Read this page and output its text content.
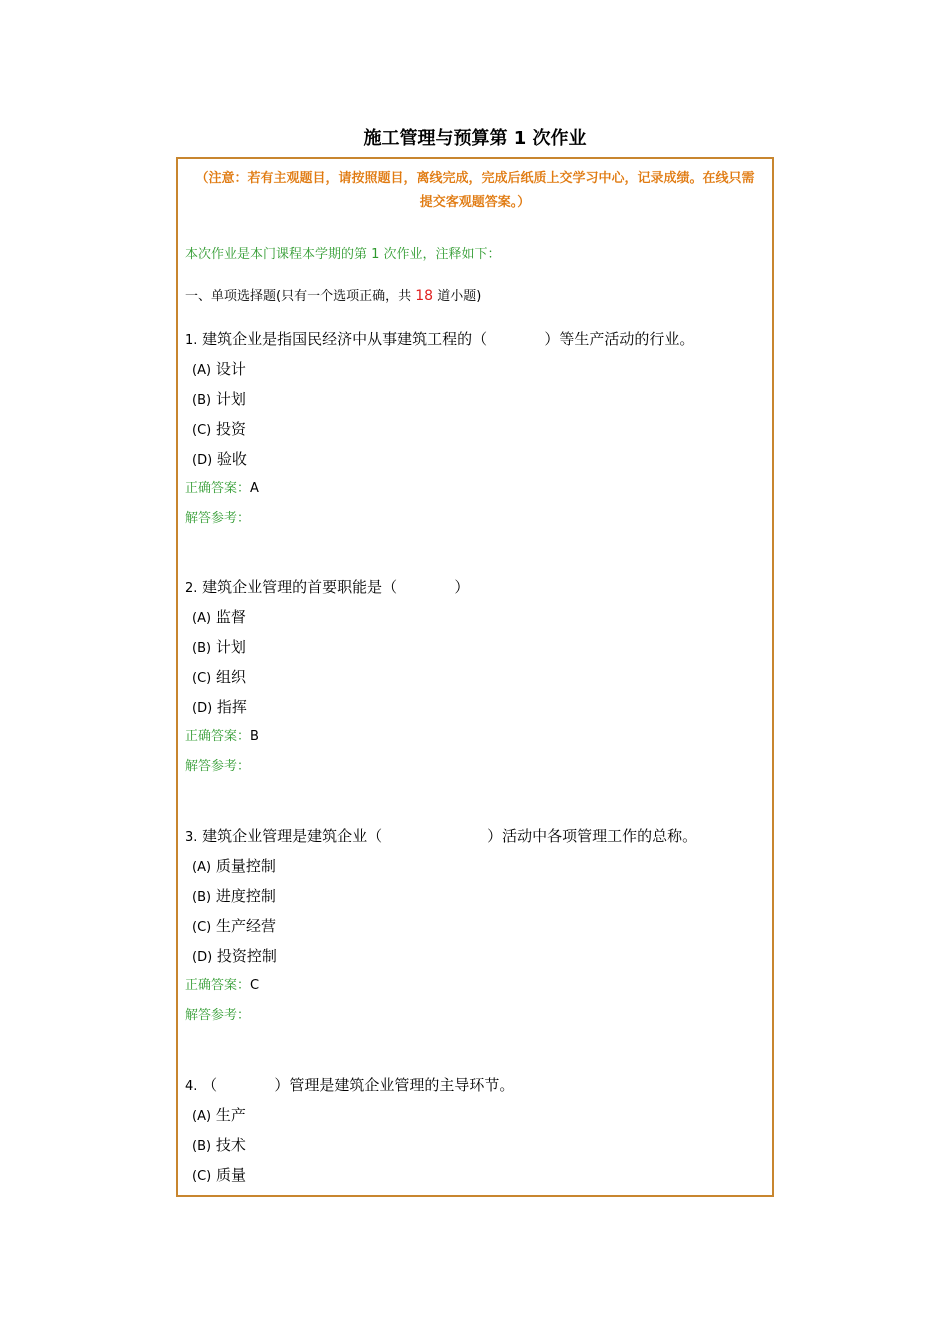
施工管理与预算第 1 次作业
（注意：若有主观题目，请按照题目，离线完成，完成后纸质上交学习中心，记录成绩。在线只需
提交客观题答案。）
本次作业是本门课程本学期的第 1 次作业，注释如下：
一、单项选择题(只有一个选项正确，共 18 道小题)
1. 建筑企业是指国民经济中从事建筑工程的（            ）等生产活动的行业。
(A) 设计
(B) 计划
(C) 投资
(D) 验收
正确答案：A
解答参考：
2. 建筑企业管理的首要职能是（            ）
(A) 监督
(B) 计划
(C) 组织
(D) 指挥
正确答案：B
解答参考：
3. 建筑企业管理是建筑企业（                      ）活动中各项管理工作的总称。
(A) 质量控制
(B) 进度控制
(C) 生产经营
(D) 投资控制
正确答案：C
解答参考：
4. （            ）管理是建筑企业管理的主导环节。
(A) 生产
(B) 技术
(C) 质量
